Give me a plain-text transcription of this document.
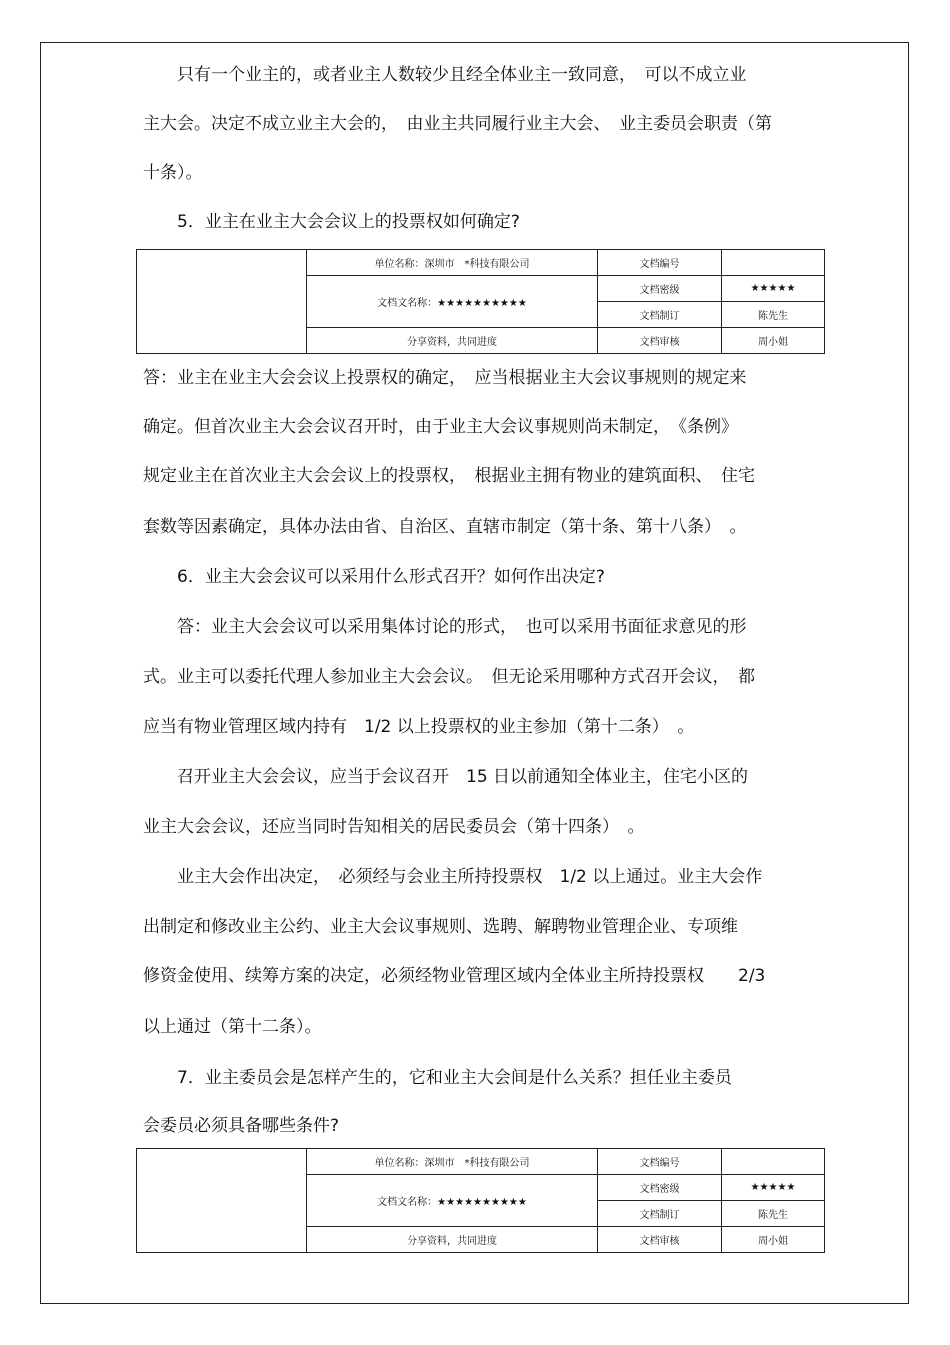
　　只有一个业主的，或者业主人数较少且经全体业主一致同意，　可以不成立业
主大会。决定不成立业主大会的，　由业主共同履行业主大会、　业主委员会职责（第
十条）。
　　5．业主在业主大会会议上的投票权如何确定?
	单位名称：深圳市　*科技有限公司	文档编号	
	文档文名称：★★★★★★★★★★	文档密级	★★★★★
		文档制订	陈先生
	分享资料，共同进度	文档审核	周小姐
答：业主在业主大会会议上投票权的确定，　应当根据业主大会议事规则的规定来
确定。但首次业主大会会议召开时，由于业主大会议事规则尚未制定，　《条例》
规定业主在首次业主大会会议上的投票权，　根据业主拥有物业的建筑面积、　住宅
套数等因素确定，具体办法由省、自治区、直辖市制定（第十条、第十八条）　。
　　6．业主大会会议可以采用什么形式召开？如何作出决定?
　　答：业主大会会议可以采用集体讨论的形式，　也可以采用书面征求意见的形
式。业主可以委托代理人参加业主大会会议。　但无论采用哪种方式召开会议，　都
应当有物业管理区域内持有　1/2 以上投票权的业主参加（第十二条）　。
　　召开业主大会会议，应当于会议召开　15 日以前通知全体业主，住宅小区的
业主大会会议，还应当同时告知相关的居民委员会（第十四条）　。
　　业主大会作出决定，　必须经与会业主所持投票权　1/2 以上通过。业主大会作
出制定和修改业主公约、业主大会议事规则、选聘、解聘物业管理企业、专项维
修资金使用、续筹方案的决定，必须经物业管理区域内全体业主所持投票权　　2/3
以上通过（第十二条）。
　　7．业主委员会是怎样产生的，它和业主大会间是什么关系？担任业主委员
会委员必须具备哪些条件?
	单位名称：深圳市　*科技有限公司	文档编号	
	文档文名称：★★★★★★★★★★	文档密级	★★★★★
		文档制订	陈先生
	分享资料，共同进度	文档审核	周小姐
